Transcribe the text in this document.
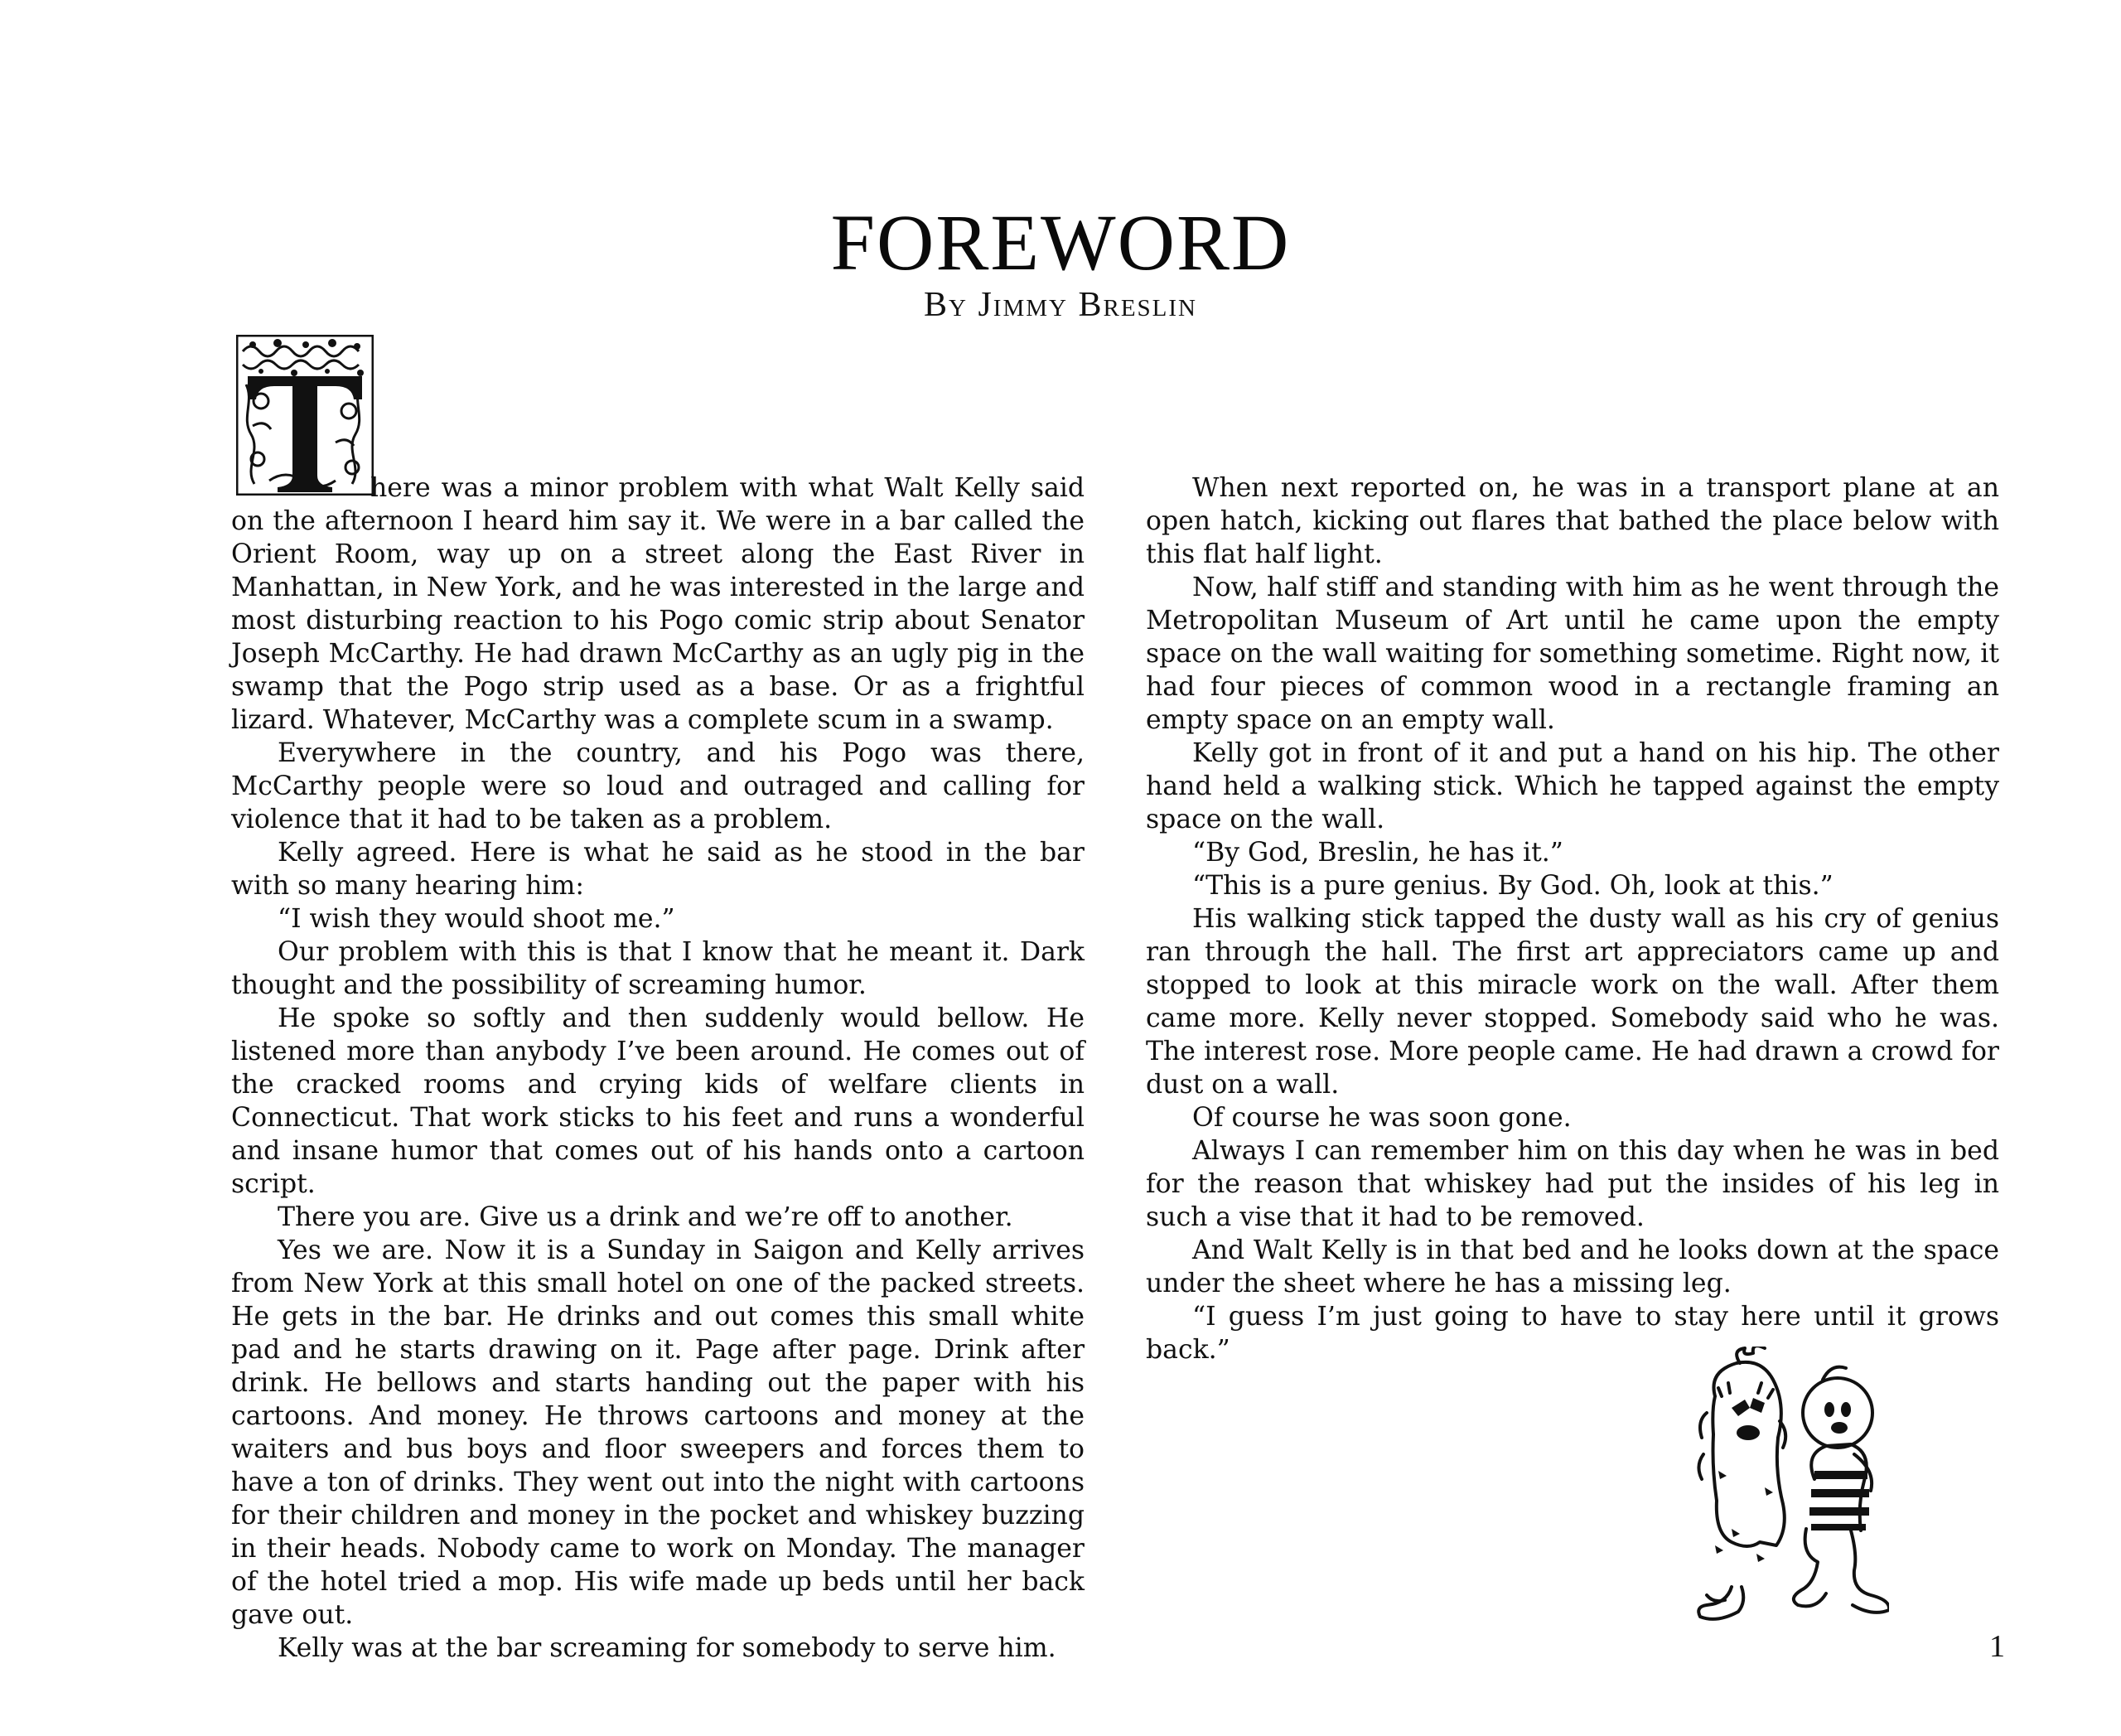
FOREWORD
By Jimmy Breslin

here was a minor problem with what Walt Kelly said on the afternoon I heard him say it. We were in a bar called the Orient Room, way up on a street along the East River in Manhattan, in New York, and he was interested in the large and most disturbing reaction to his Pogo comic strip about Senator Joseph McCarthy. He had drawn McCarthy as an ugly pig in the swamp that the Pogo strip used as a base. Or as a frightful lizard. Whatever, McCarthy was a complete scum in a swamp.

Everywhere in the country, and his Pogo was there, McCarthy people were so loud and outraged and calling for violence that it had to be taken as a problem.

Kelly agreed. Here is what he said as he stood in the bar with so many hearing him:

“I wish they would shoot me.”

Our problem with this is that I know that he meant it. Dark thought and the possibility of screaming humor.

He spoke so softly and then suddenly would bellow. He listened more than anybody I’ve been around. He comes out of the cracked rooms and crying kids of welfare clients in Connecticut. That work sticks to his feet and runs a wonderful and insane humor that comes out of his hands onto a cartoon script.

There you are. Give us a drink and we’re off to another.

Yes we are. Now it is a Sunday in Saigon and Kelly arrives from New York at this small hotel on one of the packed streets. He gets in the bar. He drinks and out comes this small white pad and he starts drawing on it. Page after page. Drink after drink. He bellows and starts handing out the paper with his cartoons. And money. He throws cartoons and money at the waiters and bus boys and floor sweepers and forces them to have a ton of drinks. They went out into the night with cartoons for their children and money in the pocket and whiskey buzzing in their heads. Nobody came to work on Monday. The manager of the hotel tried a mop. His wife made up beds until her back gave out.

Kelly was at the bar screaming for somebody to serve him.

When next reported on, he was in a transport plane at an open hatch, kicking out flares that bathed the place below with this flat half light.

Now, half stiff and standing with him as he went through the Metropolitan Museum of Art until he came upon the empty space on the wall waiting for something sometime. Right now, it had four pieces of common wood in a rectangle framing an empty space on an empty wall.

Kelly got in front of it and put a hand on his hip. The other hand held a walking stick. Which he tapped against the empty space on the wall.

“By God, Breslin, he has it.”

“This is a pure genius. By God. Oh, look at this.”

His walking stick tapped the dusty wall as his cry of genius ran through the hall. The first art appreciators came up and stopped to look at this miracle work on the wall. After them came more. Kelly never stopped. Somebody said who he was. The interest rose. More people came. He had drawn a crowd for dust on a wall.

Of course he was soon gone.

Always I can remember him on this day when he was in bed for the reason that whiskey had put the insides of his leg in such a vise that it had to be removed.

And Walt Kelly is in that bed and he looks down at the space under the sheet where he has a missing leg.

“I guess I’m just going to have to stay here until it grows back.”

1
